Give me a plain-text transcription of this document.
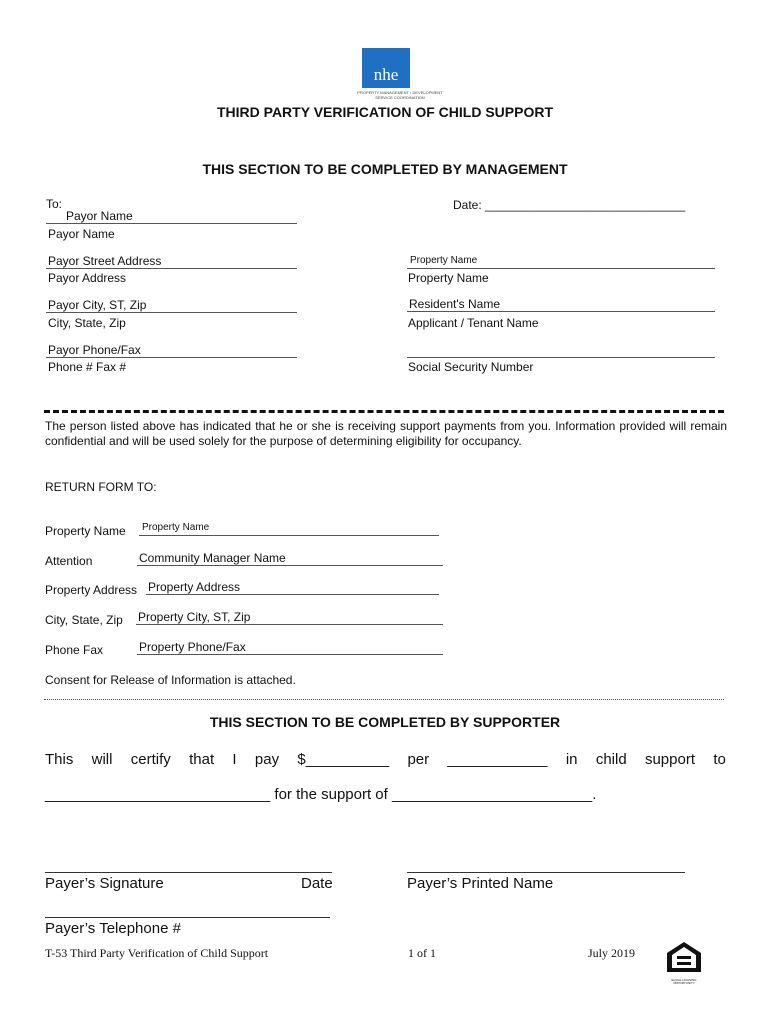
nhe
PROPERTY MANAGEMENT • DEVELOPMENT
SERVICE COORDINATION
THIRD PARTY VERIFICATION OF CHILD SUPPORT
THIS SECTION TO BE COMPLETED BY MANAGEMENT
To:	Date: ______________________________
Payor Name
Payor Name
Payor Street Address
Payor Address
Payor City, ST, Zip
City, State, Zip
Payor Phone/Fax
Phone # Fax #
Property Name
Property Name
Resident's Name
Applicant / Tenant Name
Social Security Number
The person listed above has indicated that he or she is receiving support payments from you. Information provided will remain confidential and will be used solely for the purpose of determining eligibility for occupancy.
RETURN FORM TO:
Property Name	Property Name
Attention	Community Manager Name
Property Address Property Address
City, State, Zip Property City, ST, Zip
Phone Fax	Property Phone/Fax
Consent for Release of Information is attached.
THIS SECTION TO BE COMPLETED BY SUPPORTER
This will certify that I pay $__________ per ____________ in child support to
___________________________ for the support of ________________________.
Payer’s Signature	Date	Payer’s Printed Name
Payer’s Telephone #
T-53 Third Party Verification of Child Support	1 of 1	July 2019
EQUAL HOUSING
OPPORTUNITY
